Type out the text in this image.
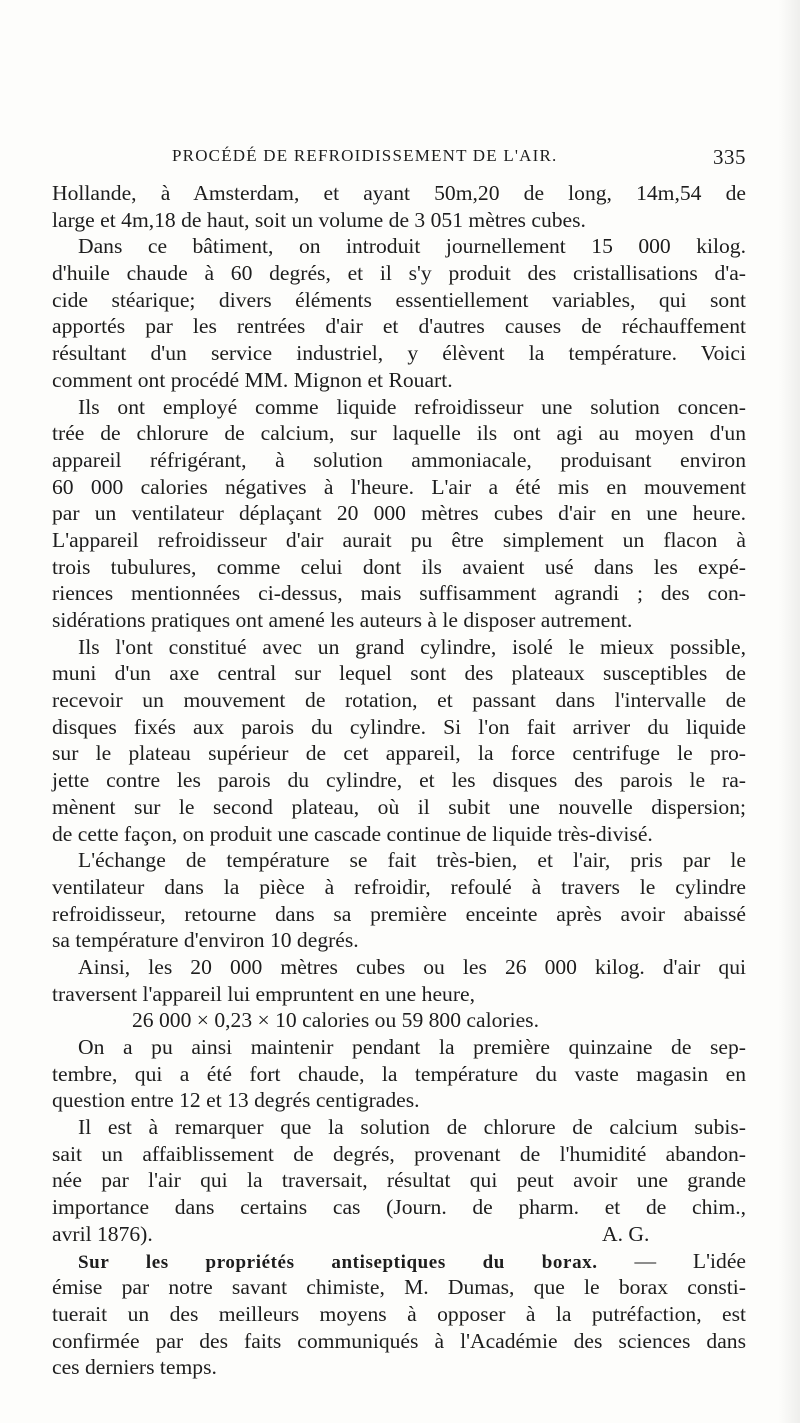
PROCÉDÉ DE REFROIDISSEMENT DE L'AIR.	335
Hollande, à Amsterdam, et ayant 50m,20 de long, 14m,54 de
large et 4m,18 de haut, soit un volume de 3 051 mètres cubes.
Dans ce bâtiment, on introduit journellement 15 000 kilog.
d'huile chaude à 60 degrés, et il s'y produit des cristallisations d'a-
cide stéarique; divers éléments essentiellement variables, qui sont
apportés par les rentrées d'air et d'autres causes de réchauffement
résultant d'un service industriel, y élèvent la température. Voici
comment ont procédé MM. Mignon et Rouart.
Ils ont employé comme liquide refroidisseur une solution concen-
trée de chlorure de calcium, sur laquelle ils ont agi au moyen d'un
appareil réfrigérant, à solution ammoniacale, produisant environ
60 000 calories négatives à l'heure. L'air a été mis en mouvement
par un ventilateur déplaçant 20 000 mètres cubes d'air en une heure.
L'appareil refroidisseur d'air aurait pu être simplement un flacon à
trois tubulures, comme celui dont ils avaient usé dans les expé-
riences mentionnées ci-dessus, mais suffisamment agrandi ; des con-
sidérations pratiques ont amené les auteurs à le disposer autrement.
Ils l'ont constitué avec un grand cylindre, isolé le mieux possible,
muni d'un axe central sur lequel sont des plateaux susceptibles de
recevoir un mouvement de rotation, et passant dans l'intervalle de
disques fixés aux parois du cylindre. Si l'on fait arriver du liquide
sur le plateau supérieur de cet appareil, la force centrifuge le pro-
jette contre les parois du cylindre, et les disques des parois le ra-
mènent sur le second plateau, où il subit une nouvelle dispersion;
de cette façon, on produit une cascade continue de liquide très-divisé.
L'échange de température se fait très-bien, et l'air, pris par le
ventilateur dans la pièce à refroidir, refoulé à travers le cylindre
refroidisseur, retourne dans sa première enceinte après avoir abaissé
sa température d'environ 10 degrés.
Ainsi, les 20 000 mètres cubes ou les 26 000 kilog. d'air qui
traversent l'appareil lui empruntent en une heure,
26 000 × 0,23 × 10 calories ou 59 800 calories.
On a pu ainsi maintenir pendant la première quinzaine de sep-
tembre, qui a été fort chaude, la température du vaste magasin en
question entre 12 et 13 degrés centigrades.
Il est à remarquer que la solution de chlorure de calcium subis-
sait un affaiblissement de degrés, provenant de l'humidité abandon-
née par l'air qui la traversait, résultat qui peut avoir une grande
importance dans certains cas (Journ. de pharm. et de chim.,
avril 1876).	A. G.
Sur les propriétés antiseptiques du borax. — L'idée
émise par notre savant chimiste, M. Dumas, que le borax consti-
tuerait un des meilleurs moyens à opposer à la putréfaction, est
confirmée par des faits communiqués à l'Académie des sciences dans
ces derniers temps.
